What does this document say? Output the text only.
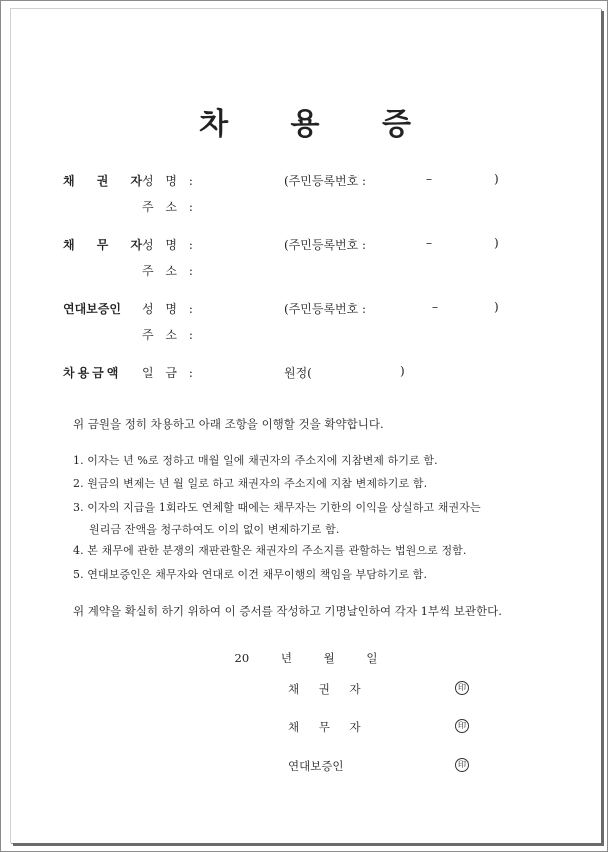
차 용 증
채 권 자
성 명 :	(주민등록번호 :	–	)
주 소 :
채 무 자
성 명 :	(주민등록번호 :	–	)
주 소 :
연대보증인 성 명 :	(주민등록번호 :	–	)
주 소 :
차용금액 일 금 :	원정(	)
위 금원을 정히 차용하고 아래 조항을 이행할 것을 확약합니다.
1. 이자는 년 %로 정하고 매월 일에 채권자의 주소지에 지참변제 하기로 함.
2. 원금의 변제는 년 월 일로 하고 채권자의 주소지에 지참 변제하기로 함.
3. 이자의 지급을 1회라도 연체할 때에는 채무자는 기한의 이익을 상실하고 채권자는
원리금 잔액을 청구하여도 이의 없이 변제하기로 함.
4. 본 채무에 관한 분쟁의 재판관할은 채권자의 주소지를 관할하는 법원으로 정함.
5. 연대보증인은 채무자와 연대로 이건 채무이행의 책임을 부담하기로 함.
위 계약을 확실히 하기 위하여 이 증서를 작성하고 기명날인하여 각자 1부씩 보관한다.
20	년	월	일
채 권 자	印
채 무 자	印
연대보증인	印
